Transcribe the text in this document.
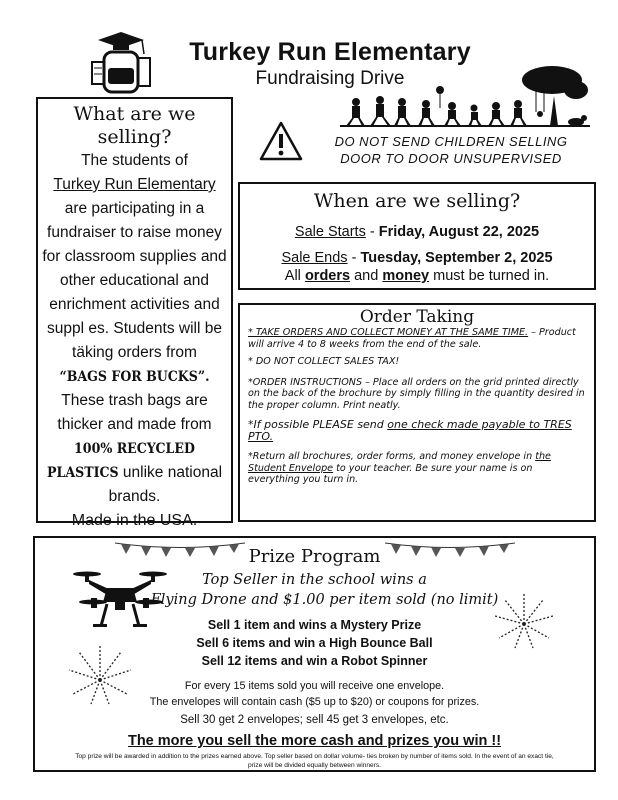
Turkey Run Elementary
Fundraising Drive
What are we selling?
The students of
Turkey Run Elementary
are participating in a fundraiser to raise money for classroom supplies and other educational and enrichment activities and suppl es. Students will be täking orders from
“BAGS FOR BUCKS”.
These trash bags are thicker and made from
100% RECYCLED PLASTICS unlike national brands.
Made in the USA.
DO NOT SEND CHILDREN SELLING
DOOR TO DOOR UNSUPERVISED
When are we selling?
Sale Starts - Friday, August 22, 2025
Sale Ends - Tuesday, September 2, 2025
All orders and money must be turned in.
Order Taking
* TAKE ORDERS AND COLLECT MONEY AT THE SAME TIME. – Product will arrive 4 to 8 weeks from the end of the sale.
* DO NOT COLLECT SALES TAX!
*ORDER INSTRUCTIONS – Place all orders on the grid printed directly on the back of the brochure by simply filling in the quantity desired in the proper column. Print neatly.
*If possible PLEASE send one check made payable to TRES PTO.
*Return all brochures, order forms, and money envelope in the Student Envelope to your teacher. Be sure your name is on everything you turn in.
Prize Program
Top Seller in the school wins a
Flying Drone and $1.00 per item sold (no limit)
Sell 1 item and wins a Mystery Prize
Sell 6 items and win a High Bounce Ball
Sell 12 items and win a Robot Spinner
For every 15 items sold you will receive one envelope.
The envelopes will contain cash ($5 up to $20) or coupons for prizes.
Sell 30 get 2 envelopes; sell 45 get 3 envelopes, etc.
The more you sell the more cash and prizes you win !!
Top prize will be awarded in addition to the prizes earned above. Top seller based on dollar volume- ties broken by number of items sold. In the event of an exact tie,
prize will be divided equally between winners.
